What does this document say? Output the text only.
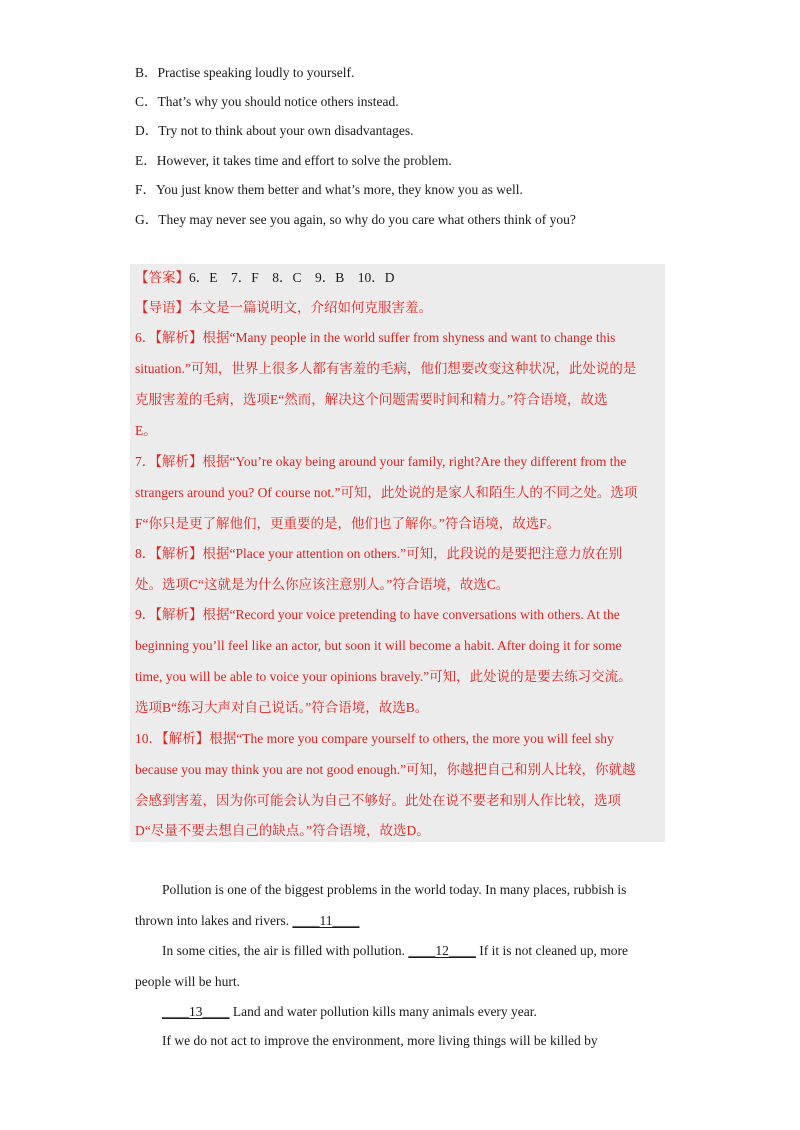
B．Practise speaking loudly to yourself.
C．That’s why you should notice others instead.
D．Try not to think about your own disadvantages.
E．However, it takes time and effort to solve the problem.
F．You just know them better and what’s more, they know you as well.
G．They may never see you again, so why do you care what others think of you?
【答案】6．E　7．F　8．C　9．B　10．D
【导语】本文是一篇说明文，介绍如何克服害羞。
6．【解析】根据“Many people in the world suffer from shyness and want to change this
situation.”可知，世界上很多人都有害羞的毛病，他们想要改变这种状况，此处说的是
克服害羞的毛病，选项E“然而，解决这个问题需要时间和精力。”符合语境，故选
E。
7．【解析】根据“You’re okay being around your family, right?Are they different from the
strangers around you? Of course not.”可知，此处说的是家人和陌生人的不同之处。选项
F“你只是更了解他们，更重要的是，他们也了解你。”符合语境，故选F。
8．【解析】根据“Place your attention on others.”可知，此段说的是要把注意力放在别
处。选项C“这就是为什么你应该注意别人。”符合语境，故选C。
9．【解析】根据“Record your voice pretending to have conversations with others. At the
beginning you’ll feel like an actor, but soon it will become a habit. After doing it for some
time, you will be able to voice your opinions bravely.”可知，此处说的是要去练习交流。
选项B“练习大声对自己说话。”符合语境，故选B。
10．【解析】根据“The more you compare yourself to others, the more you will feel shy
because you may think you are not good enough.”可知，你越把自己和别人比较，你就越
会感到害羞，因为你可能会认为自己不够好。此处在说不要老和别人作比较，选项
D“尽量不要去想自己的缺点。”符合语境，故选D。
Pollution is one of the biggest problems in the world today. In many places, rubbish is
thrown into lakes and rivers. ____11____
In some cities, the air is filled with pollution. ____12____ If it is not cleaned up, more
people will be hurt.
____13____ Land and water pollution kills many animals every year.
If we do not act to improve the environment, more living things will be killed by
